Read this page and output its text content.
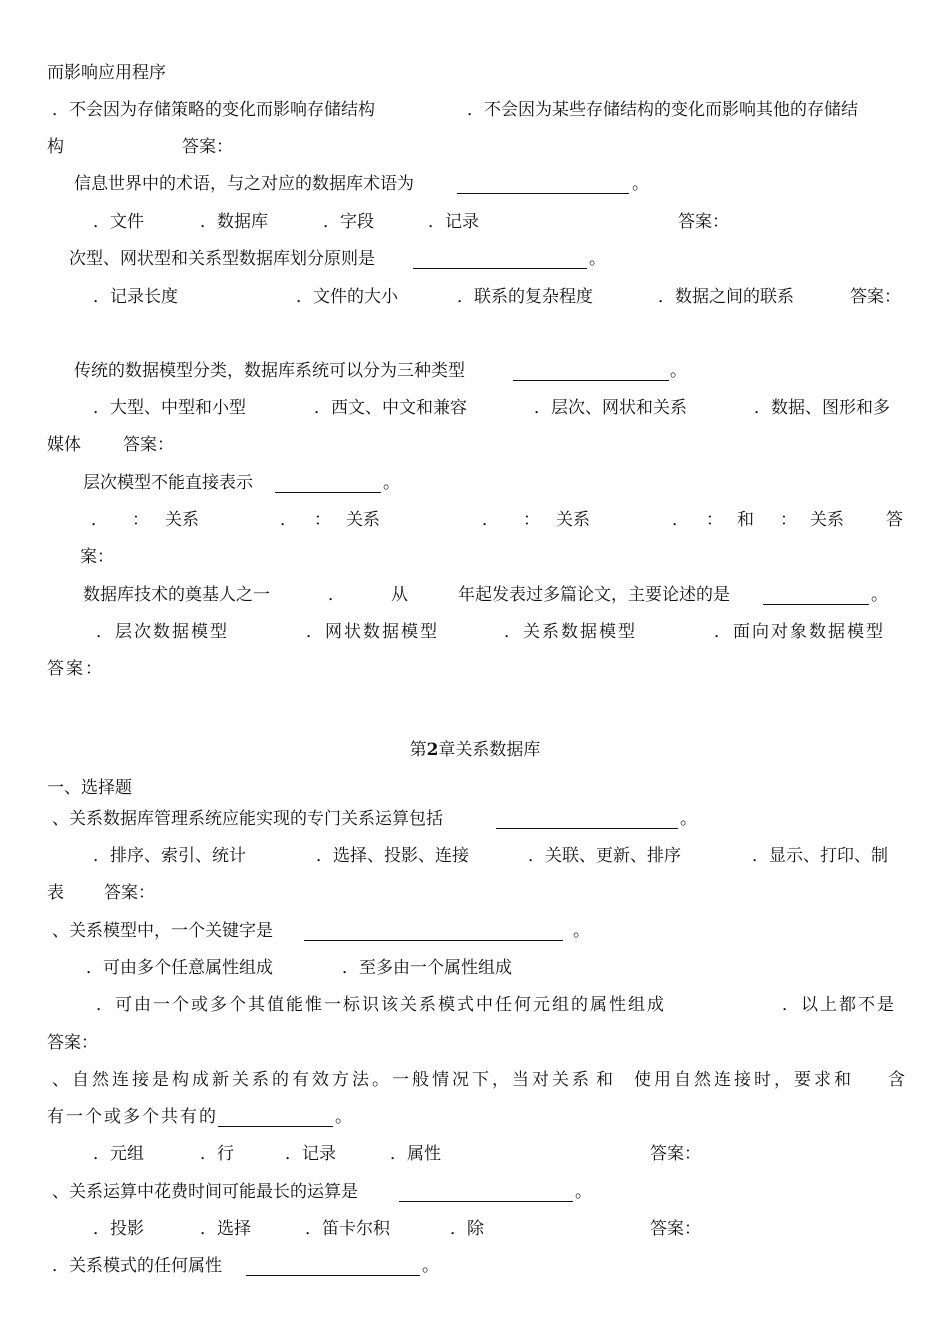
而影响应用程序
．不会因为存储策略的变化而影响存储结构	．不会因为某些存储结构的变化而影响其他的存储结
构	答案：
信息世界中的术语，与之对应的数据库术语为	。
．文件	．数据库	．字段	．记录	答案：
次型、网状型和关系型数据库划分原则是	。
．记录长度	．文件的大小	．联系的复杂程度	．数据之间的联系	答案：
传统的数据模型分类，数据库系统可以分为三种类型	。
．大型、中型和小型	．西文、中文和兼容	．层次、网状和关系	．数据、图形和多
媒体 答案：
层次模型不能直接表示	。
． ： 关系	． ： 关系	． ： 关系	． ： 和 ： 关系 答
案：
数据库技术的奠基人之一	．	从	年起发表过多篇论文，主要论述的是	。
．层次数据模型	．网状数据模型	．关系数据模型	．面向对象数据模型
答案：
第2章关系数据库
一、选择题
、关系数据库管理系统应能实现的专门关系运算包括	。
．排序、索引、统计	．选择、投影、连接	．关联、更新、排序	．显示、打印、制
表 答案：
、关系模型中，一个关键字是	。
．可由多个任意属性组成	．至多由一个属性组成
．可由一个或多个其值能惟一标识该关系模式中任何元组的属性组成	．以上都不是
答案：
、自然连接是构成新关系的有效方法。一般情况下，当对关系 和 使用自然连接时，要求和 含
有一个或多个共有的	。
．元组	．行	．记录	．属性	答案：
、关系运算中花费时间可能最长的运算是	。
．投影	．选择	．笛卡尔积	．除	答案：
．关系模式的任何属性	。
